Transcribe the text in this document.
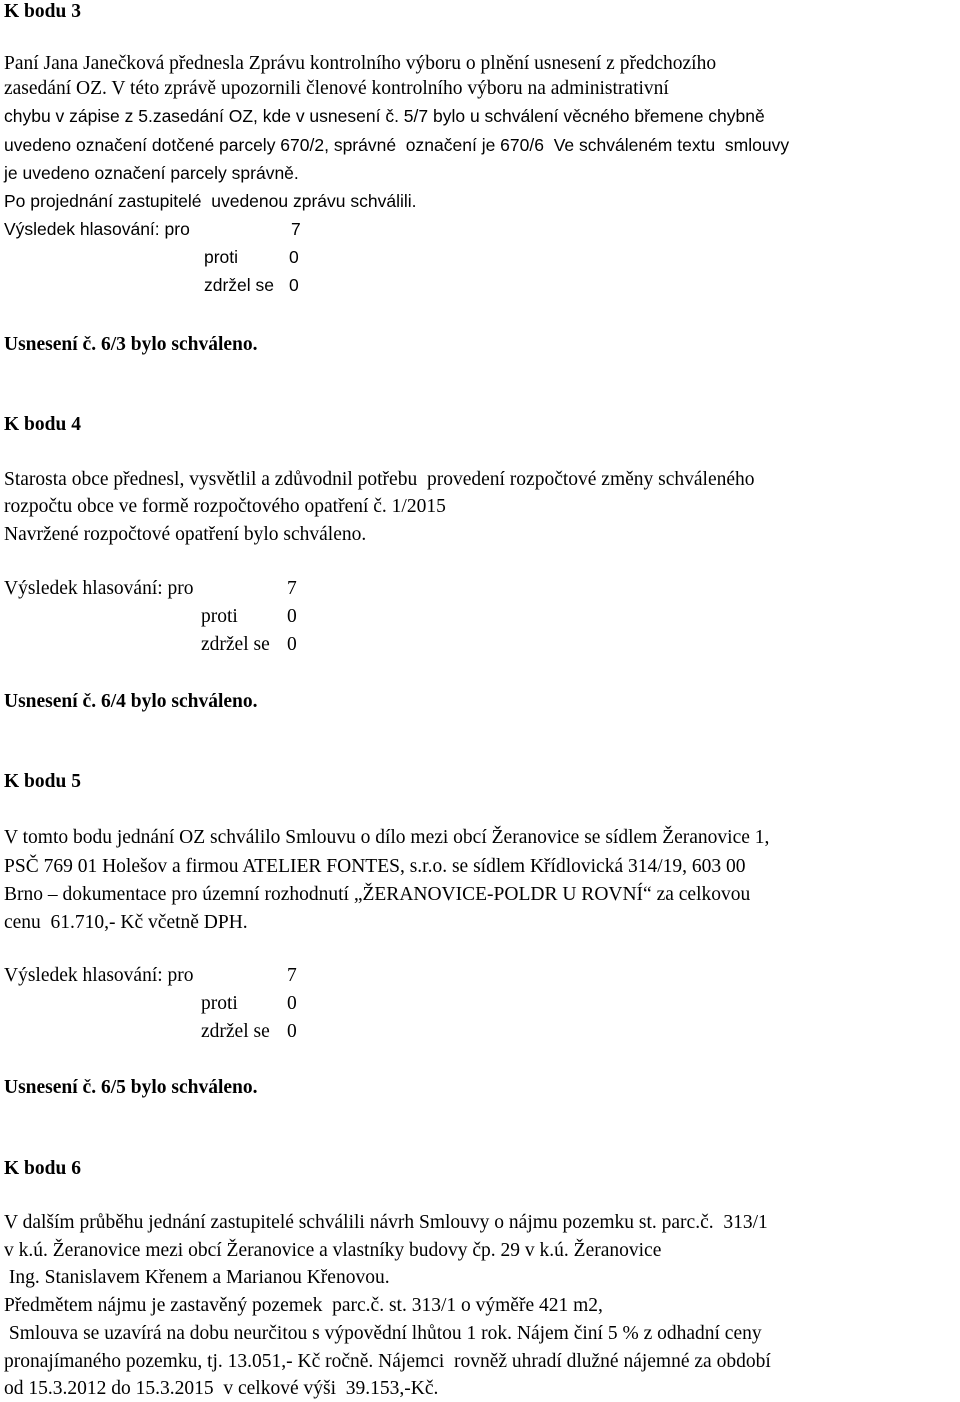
K bodu 3
Paní Jana Janečková přednesla Zprávu kontrolního výboru o plnění usnesení z předchozího
zasedání OZ. V této zprávě upozornili členové kontrolního výboru na administrativní
chybu v zápise z 5.zasedání OZ, kde v usnesení č. 5/7 bylo u schválení věcného břemene chybně
uvedeno označení dotčené parcely 670/2, správné  označení je 670/6  Ve schváleném textu  smlouvy
je uvedeno označení parcely správně.
Po projednání zastupitelé  uvedenou zprávu schválili.
Výsledek hlasování: pro	7
proti	0
zdržel se 0
Usnesení č. 6/3 bylo schváleno.
K bodu 4
Starosta obce přednesl, vysvětlil a zdůvodnil potřebu  provedení rozpočtové změny schváleného
rozpočtu obce ve formě rozpočtového opatření č. 1/2015
Navržené rozpočtové opatření bylo schváleno.
Výsledek hlasování: pro	7
proti	0
zdržel se 0
Usnesení č. 6/4 bylo schváleno.
K bodu 5
V tomto bodu jednání OZ schválilo Smlouvu o dílo mezi obcí Žeranovice se sídlem Žeranovice 1,
PSČ 769 01 Holešov a firmou ATELIER FONTES, s.r.o. se sídlem Křídlovická 314/19, 603 00
Brno – dokumentace pro územní rozhodnutí „ŽERANOVICE-POLDR U ROVNÍ“ za celkovou
cenu  61.710,- Kč včetně DPH.
Výsledek hlasování: pro	7
proti	0
zdržel se 0
Usnesení č. 6/5 bylo schváleno.
K bodu 6
V dalším průběhu jednání zastupitelé schválili návrh Smlouvy o nájmu pozemku st. parc.č.  313/1
v k.ú. Žeranovice mezi obcí Žeranovice a vlastníky budovy čp. 29 v k.ú. Žeranovice
Ing. Stanislavem Křenem a Marianou Křenovou.
Předmětem nájmu je zastavěný pozemek  parc.č. st. 313/1 o výměře 421 m2,
Smlouva se uzavírá na dobu neurčitou s výpovědní lhůtou 1 rok. Nájem činí 5 % z odhadní ceny
pronajímaného pozemku, tj. 13.051,- Kč ročně. Nájemci  rovněž uhradí dlužné nájemné za období
od 15.3.2012 do 15.3.2015  v celkové výši  39.153,-Kč.
